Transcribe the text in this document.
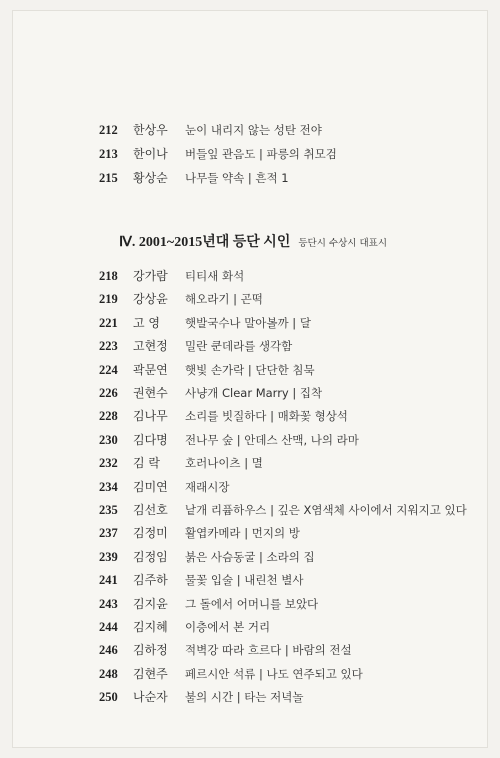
212	한상우	눈이 내리지 않는 성탄 전야
213	한이나	버들잎 관음도 | 파릉의 취모검
215	황상순	나무들 약속 | 흔적 1
Ⅳ. 2001~2015년대 등단 시인 등단시 수상시 대표시
218	강가람	티티새 화석
219	강상윤	해오라기 | 곤떡
221	고 영	햇발국수나 말아볼까 | 달
223	고현정	밀란 쿤데라를 생각함
224	곽문연	햇빛 손가락 | 단단한 침묵
226	권현수	사냥개 Clear Marry | 집착
228	김나무	소리를 빗질하다 | 매화꽃 형상석
230	김다명	전나무 숲 | 안데스 산맥, 나의 라마
232	김 락	호러나이츠 | 멸
234	김미연	재래시장
235	김선호	낱개 리퓸하우스 | 깊은 X염색체 사이에서 지워지고 있다
237	김정미	활엽카메라 | 먼지의 방
239	김정임	붉은 사슴동굴 | 소라의 집
241	김주하	물꽃 입술 | 내린천 별사
243	김지윤	그 돌에서 어머니를 보았다
244	김지혜	이층에서 본 거리
246	김하정	적벽강 따라 흐르다 | 바람의 전설
248	김현주	페르시안 석류 | 나도 연주되고 있다
250	나순자	불의 시간 | 타는 저녁놀
